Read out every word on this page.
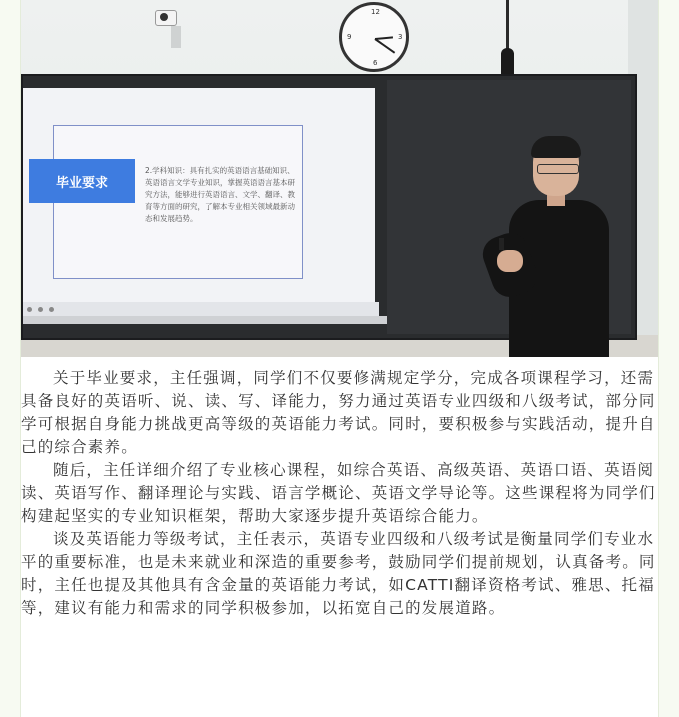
12
3
6
9
毕业要求
2.学科知识：具有扎实的英语语言基础知识、英语语言文学专业知识，掌握英语语言基本研究方法，能够进行英语语言、文学、翻译、教育等方面的研究，了解本专业相关领域最新动态和发展趋势。

关于毕业要求，主任强调，同学们不仅要修满规定学分，完成各项课程学习，还需具备良好的英语听、说、读、写、译能力，努力通过英语专业四级和八级考试，部分同学可根据自身能力挑战更高等级的英语能力考试。同时，要积极参与实践活动，提升自己的综合素养。

随后，主任详细介绍了专业核心课程，如综合英语、高级英语、英语口语、英语阅读、英语写作、翻译理论与实践、语言学概论、英语文学导论等。这些课程将为同学们构建起坚实的专业知识框架，帮助大家逐步提升英语综合能力。

谈及英语能力等级考试，主任表示，英语专业四级和八级考试是衡量同学们专业水平的重要标准，也是未来就业和深造的重要参考，鼓励同学们提前规划，认真备考。同时，主任也提及其他具有含金量的英语能力考试，如CATTI翻译资格考试、雅思、托福等，建议有能力和需求的同学积极参加，以拓宽自己的发展道路。
